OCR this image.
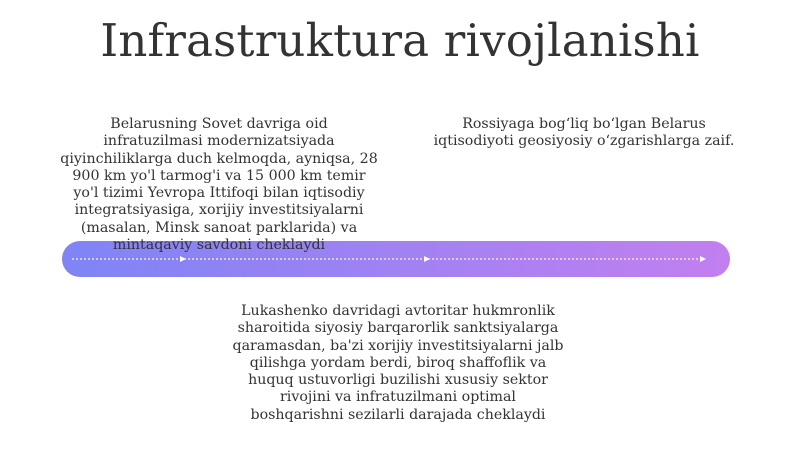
Infrastruktura rivojlanishi
Belarusning Sovet davriga oid infratuzilmasi modernizatsiyada qiyinchiliklarga duch kelmoqda, ayniqsa, 28 900 km yo'l tarmog'i va 15 000 km temir yo'l tizimi Yevropa Ittifoqi bilan iqtisodiy integratsiyasiga, xorijiy investitsiyalarni (masalan, Minsk sanoat parklarida) va mintaqaviy savdoni cheklaydi
Rossiyaga bog‘liq bo‘lgan Belarus iqtisodiyoti geosiyosiy o‘zgarishlarga zaif.
Lukashenko davridagi avtoritar hukmronlik sharoitida siyosiy barqarorlik sanktsiyalarga qaramasdan, ba'zi xorijiy investitsiyalarni jalb qilishga yordam berdi, biroq shaffoflik va huquq ustuvorligi buzilishi xususiy sektor rivojini va infratuzilmani optimal boshqarishni sezilarli darajada cheklaydi
